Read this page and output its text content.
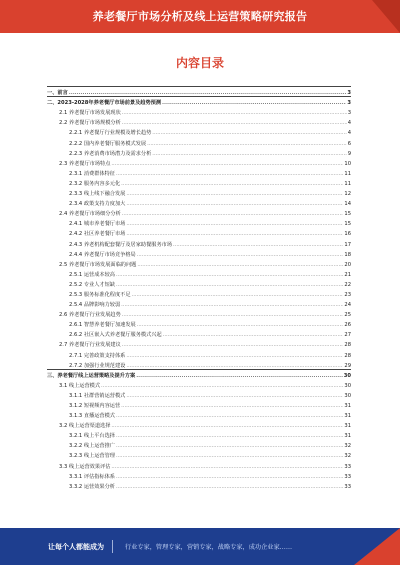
养老餐厅市场分析及线上运营策略研究报告
内容目录
一、前言 .....	3
二、2023-2028年养老餐厅市场前景及趋势预测 .....	3
2.1 养老餐厅市场发展现状 .....	3
2.2 养老餐厅市场规模分析 .....	4
2.2.1 养老餐厅行业规模及增长趋势 .....	4
2.2.2 国内养老餐厅服务模式发展 .....	6
2.2.3 养老消费市场潜力及需求分析 .....	9
2.3 养老餐厅市场特点 .....	10
2.3.1 消费群体特征 .....	11
2.3.2 服务内容多元化 .....	11
2.3.3 线上线下融合发展 .....	12
2.3.4 政策支持力度加大 .....	14
2.4 养老餐厅市场细分分析 .....	15
2.4.1 城市养老餐厅市场 .....	15
2.4.2 社区养老餐厅市场 .....	16
2.4.3 养老机构配套餐厅及居家助餐服务市场 .....	17
2.4.4 养老餐厅市场竞争格局 .....	18
2.5 养老餐厅市场发展面临的问题 .....	20
2.5.1 运营成本较高 .....	21
2.5.2 专业人才短缺 .....	22
2.5.3 服务标准化程度不足 .....	23
2.5.4 品牌影响力较弱 .....	24
2.6 养老餐厅行业发展趋势 .....	25
2.6.1 智慧养老餐厅加速发展 .....	26
2.6.2 社区嵌入式养老餐厅服务模式兴起 .....	27
2.7 养老餐厅行业发展建议 .....	28
2.7.1 完善政策支持体系 .....	28
2.7.2 加强行业规范建设 .....	29
三、养老餐厅线上运营策略及提升方案 .....	30
3.1 线上运营模式 .....	30
3.1.1 社群营销运营模式 .....	30
3.1.2 短视频内容运营 .....	31
3.1.3 直播运营模式 .....	31
3.2 线上运营渠道选择 .....	31
3.2.1 线上平台选择 .....	31
3.2.2 线上运营推广 .....	32
3.2.3 线上运营管理 .....	32
3.3 线上运营效果评估 .....	33
3.3.1 评估指标体系 .....	33
3.3.2 运营效果分析 .....	33
让每个人都能成为	行业专家，管理专家，营销专家，战略专家，成功企业家……
